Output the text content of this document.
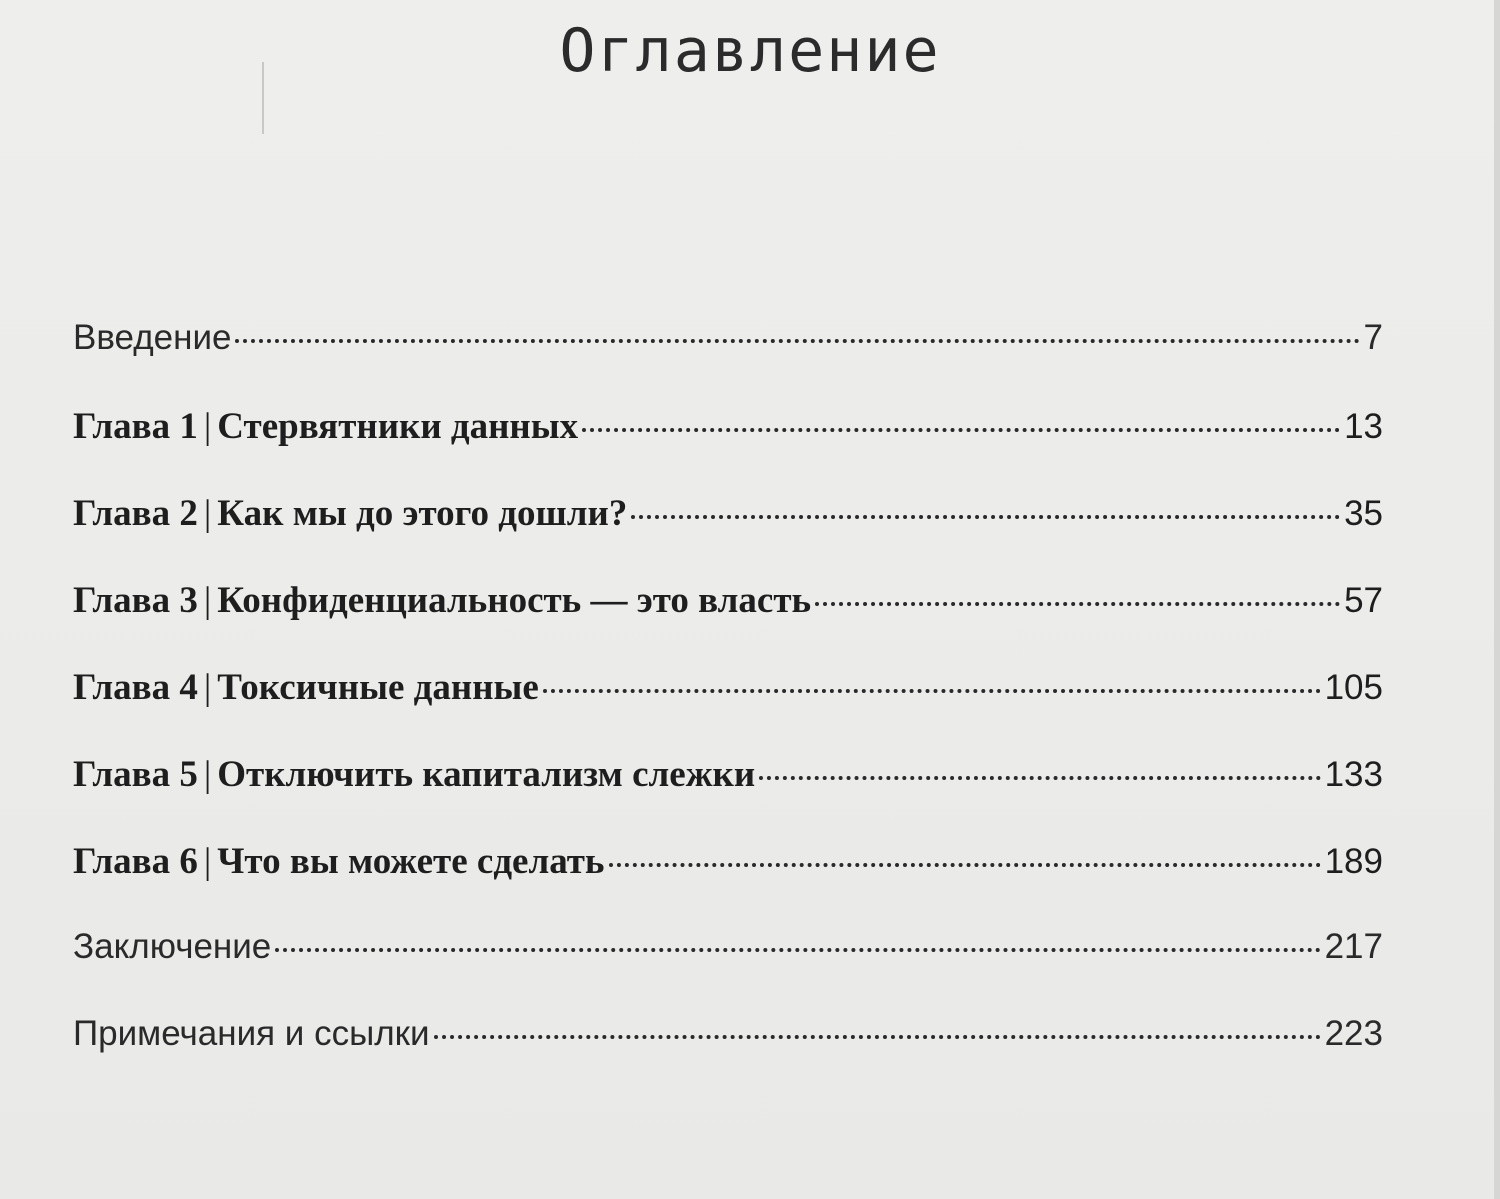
Оглавление
Введение	7
Глава 1 | Стервятники данных	13
Глава 2 | Как мы до этого дошли?	35
Глава 3 | Конфиденциальность — это власть	57
Глава 4 | Токсичные данные	105
Глава 5 | Отключить капитализм слежки	133
Глава 6 | Что вы можете сделать	189
Заключение	217
Примечания и ссылки	223
